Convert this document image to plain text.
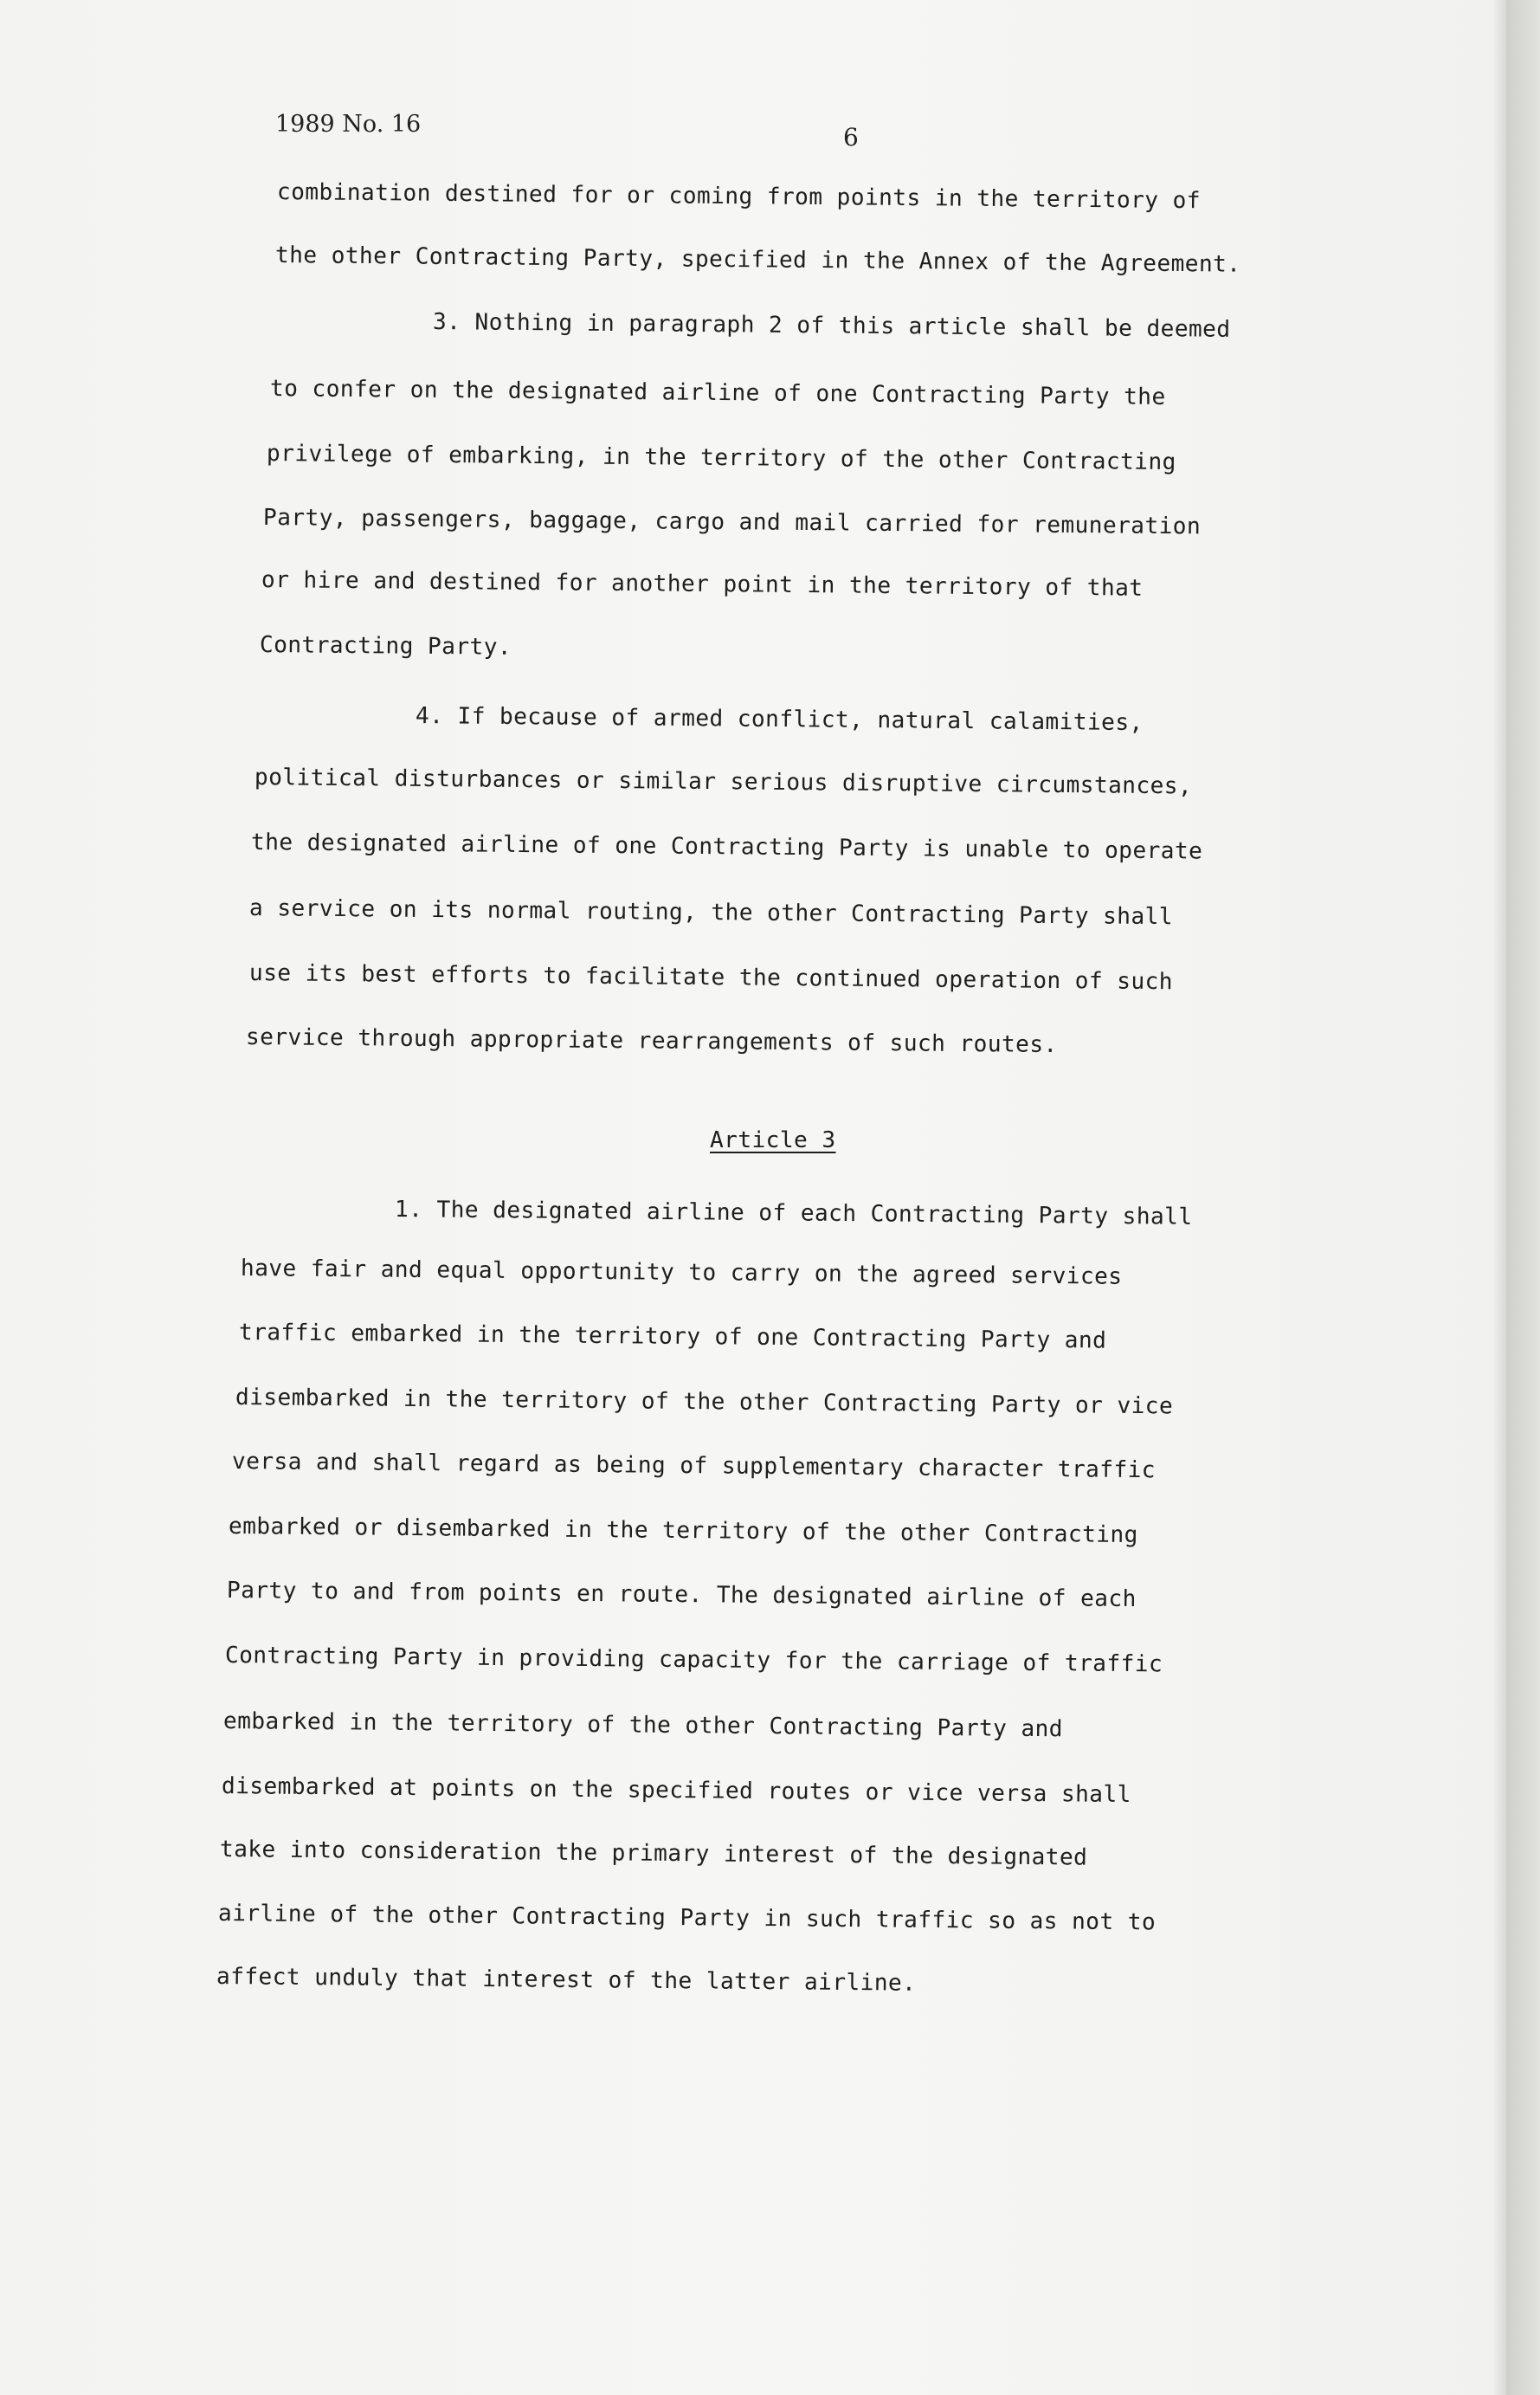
1989 No. 16	6
combination destined for or coming from points in the territory of
the other Contracting Party, specified in the Annex of the Agreement.
3. Nothing in paragraph 2 of this article shall be deemed
to confer on the designated airline of one Contracting Party the
privilege of embarking, in the territory of the other Contracting
Party, passengers, baggage, cargo and mail carried for remuneration
or hire and destined for another point in the territory of that
Contracting Party.
4. If because of armed conflict, natural calamities,
political disturbances or similar serious disruptive circumstances,
the designated airline of one Contracting Party is unable to operate
a service on its normal routing, the other Contracting Party shall
use its best efforts to facilitate the continued operation of such
service through appropriate rearrangements of such routes.
Article 3
1. The designated airline of each Contracting Party shall
have fair and equal opportunity to carry on the agreed services
traffic embarked in the territory of one Contracting Party and
disembarked in the territory of the other Contracting Party or vice
versa and shall regard as being of supplementary character traffic
embarked or disembarked in the territory of the other Contracting
Party to and from points en route. The designated airline of each
Contracting Party in providing capacity for the carriage of traffic
embarked in the territory of the other Contracting Party and
disembarked at points on the specified routes or vice versa shall
take into consideration the primary interest of the designated
airline of the other Contracting Party in such traffic so as not to
affect unduly that interest of the latter airline.
